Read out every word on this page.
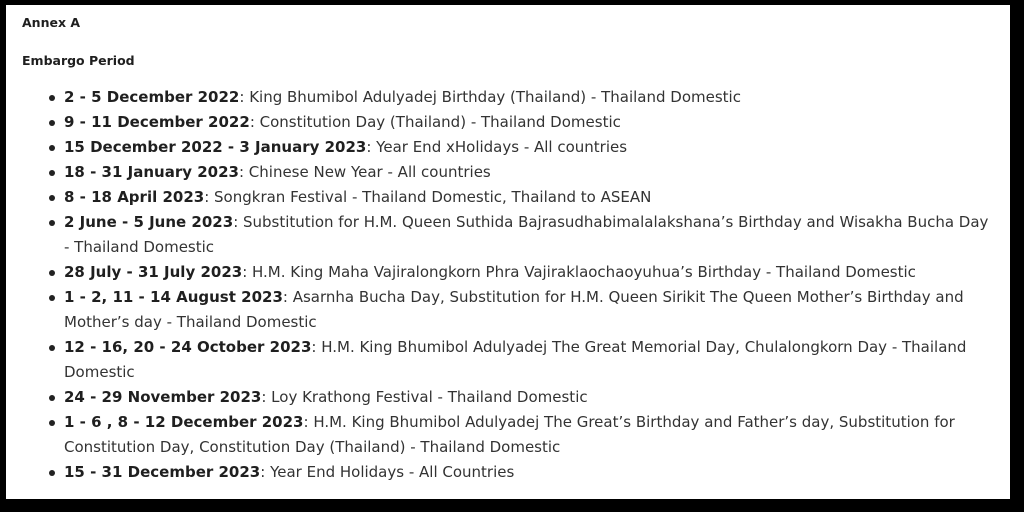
Annex A

Embargo Period

2 - 5 December 2022: King Bhumibol Adulyadej Birthday (Thailand) - Thailand Domestic
9 - 11 December 2022: Constitution Day (Thailand) - Thailand Domestic
15 December 2022 - 3 January 2023: Year End xHolidays - All countries
18 - 31 January 2023: Chinese New Year - All countries
8 - 18 April 2023: Songkran Festival - Thailand Domestic, Thailand to ASEAN
2 June - 5 June 2023: Substitution for H.M. Queen Suthida Bajrasudhabimalalakshana’s Birthday and Wisakha Bucha Day - Thailand Domestic
28 July - 31 July 2023: H.M. King Maha Vajiralongkorn Phra Vajiraklaochaoyuhua’s Birthday - Thailand Domestic
1 - 2, 11 - 14 August 2023: Asarnha Bucha Day, Substitution for H.M. Queen Sirikit The Queen Mother’s Birthday and Mother’s day - Thailand Domestic
12 - 16, 20 - 24 October 2023: H.M. King Bhumibol Adulyadej The Great Memorial Day, Chulalongkorn Day - Thailand Domestic
24 - 29 November 2023: Loy Krathong Festival - Thailand Domestic
1 - 6 , 8 - 12 December 2023: H.M. King Bhumibol Adulyadej The Great’s Birthday and Father’s day, Substitution for Constitution Day, Constitution Day (Thailand) - Thailand Domestic
15 - 31 December 2023: Year End Holidays - All Countries
